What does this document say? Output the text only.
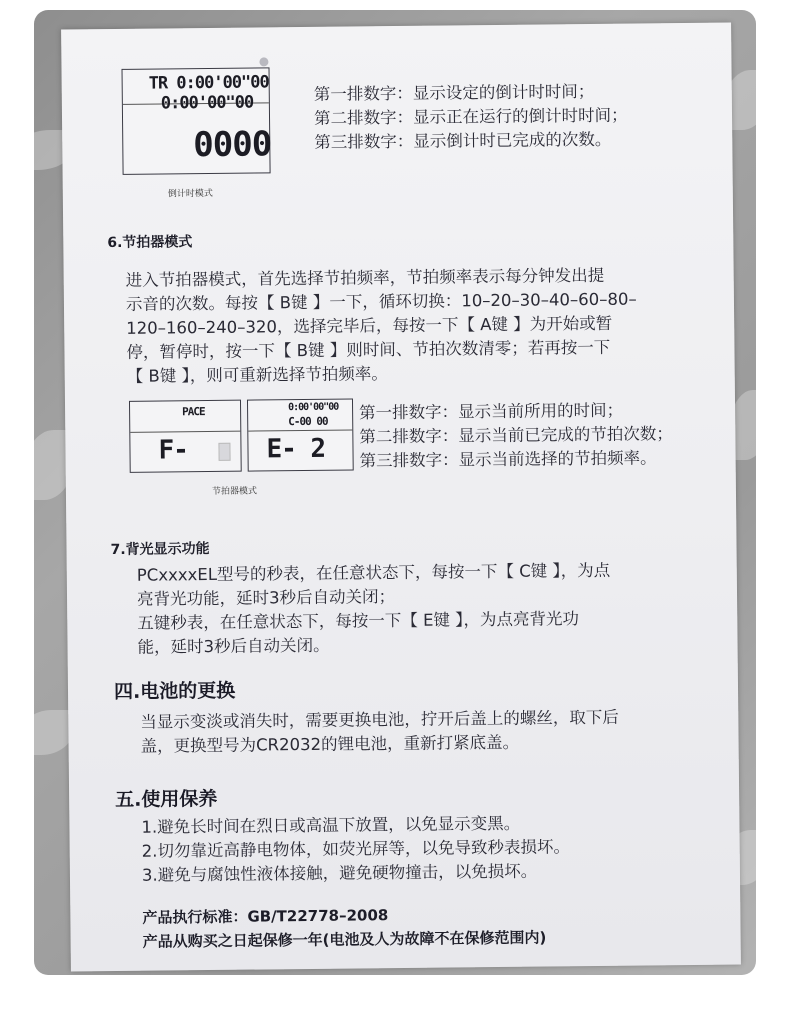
TR 0:00'00"00
0:00'00"00
0000
倒计时模式
第一排数字：显示设定的倒计时时间；
第二排数字：显示正在运行的倒计时时间；
第三排数字：显示倒计时已完成的次数。
6.节拍器模式
进入节拍器模式，首先选择节拍频率，节拍频率表示每分钟发出提
示音的次数。每按【 B键 】一下，循环切换：10–20–30–40–60–80–
120–160–240–320，选择完毕后，每按一下【 A键 】为开始或暂
停，暂停时，按一下【 B键 】则时间、节拍次数清零；若再按一下
【 B键 】，则可重新选择节拍频率。
PACE
F-
0:00'00"00
C-00 00
E- 2
节拍器模式
第一排数字：显示当前所用的时间；
第二排数字：显示当前已完成的节拍次数；
第三排数字：显示当前选择的节拍频率。
7.背光显示功能
PCxxxxEL型号的秒表，在任意状态下，每按一下【 C键 】，为点
亮背光功能，延时3秒后自动关闭；
五键秒表，在任意状态下，每按一下【 E键 】，为点亮背光功
能，延时3秒后自动关闭。
四.电池的更换
当显示变淡或消失时，需要更换电池，拧开后盖上的螺丝，取下后
盖，更换型号为CR2032的锂电池，重新打紧底盖。
五.使用保养
1.避免长时间在烈日或高温下放置，以免显示变黑。
2.切勿靠近高静电物体，如荧光屏等，以免导致秒表损坏。
3.避免与腐蚀性液体接触，避免硬物撞击，以免损坏。
产品执行标准：GB/T22778–2008
产品从购买之日起保修一年(电池及人为故障不在保修范围内)
